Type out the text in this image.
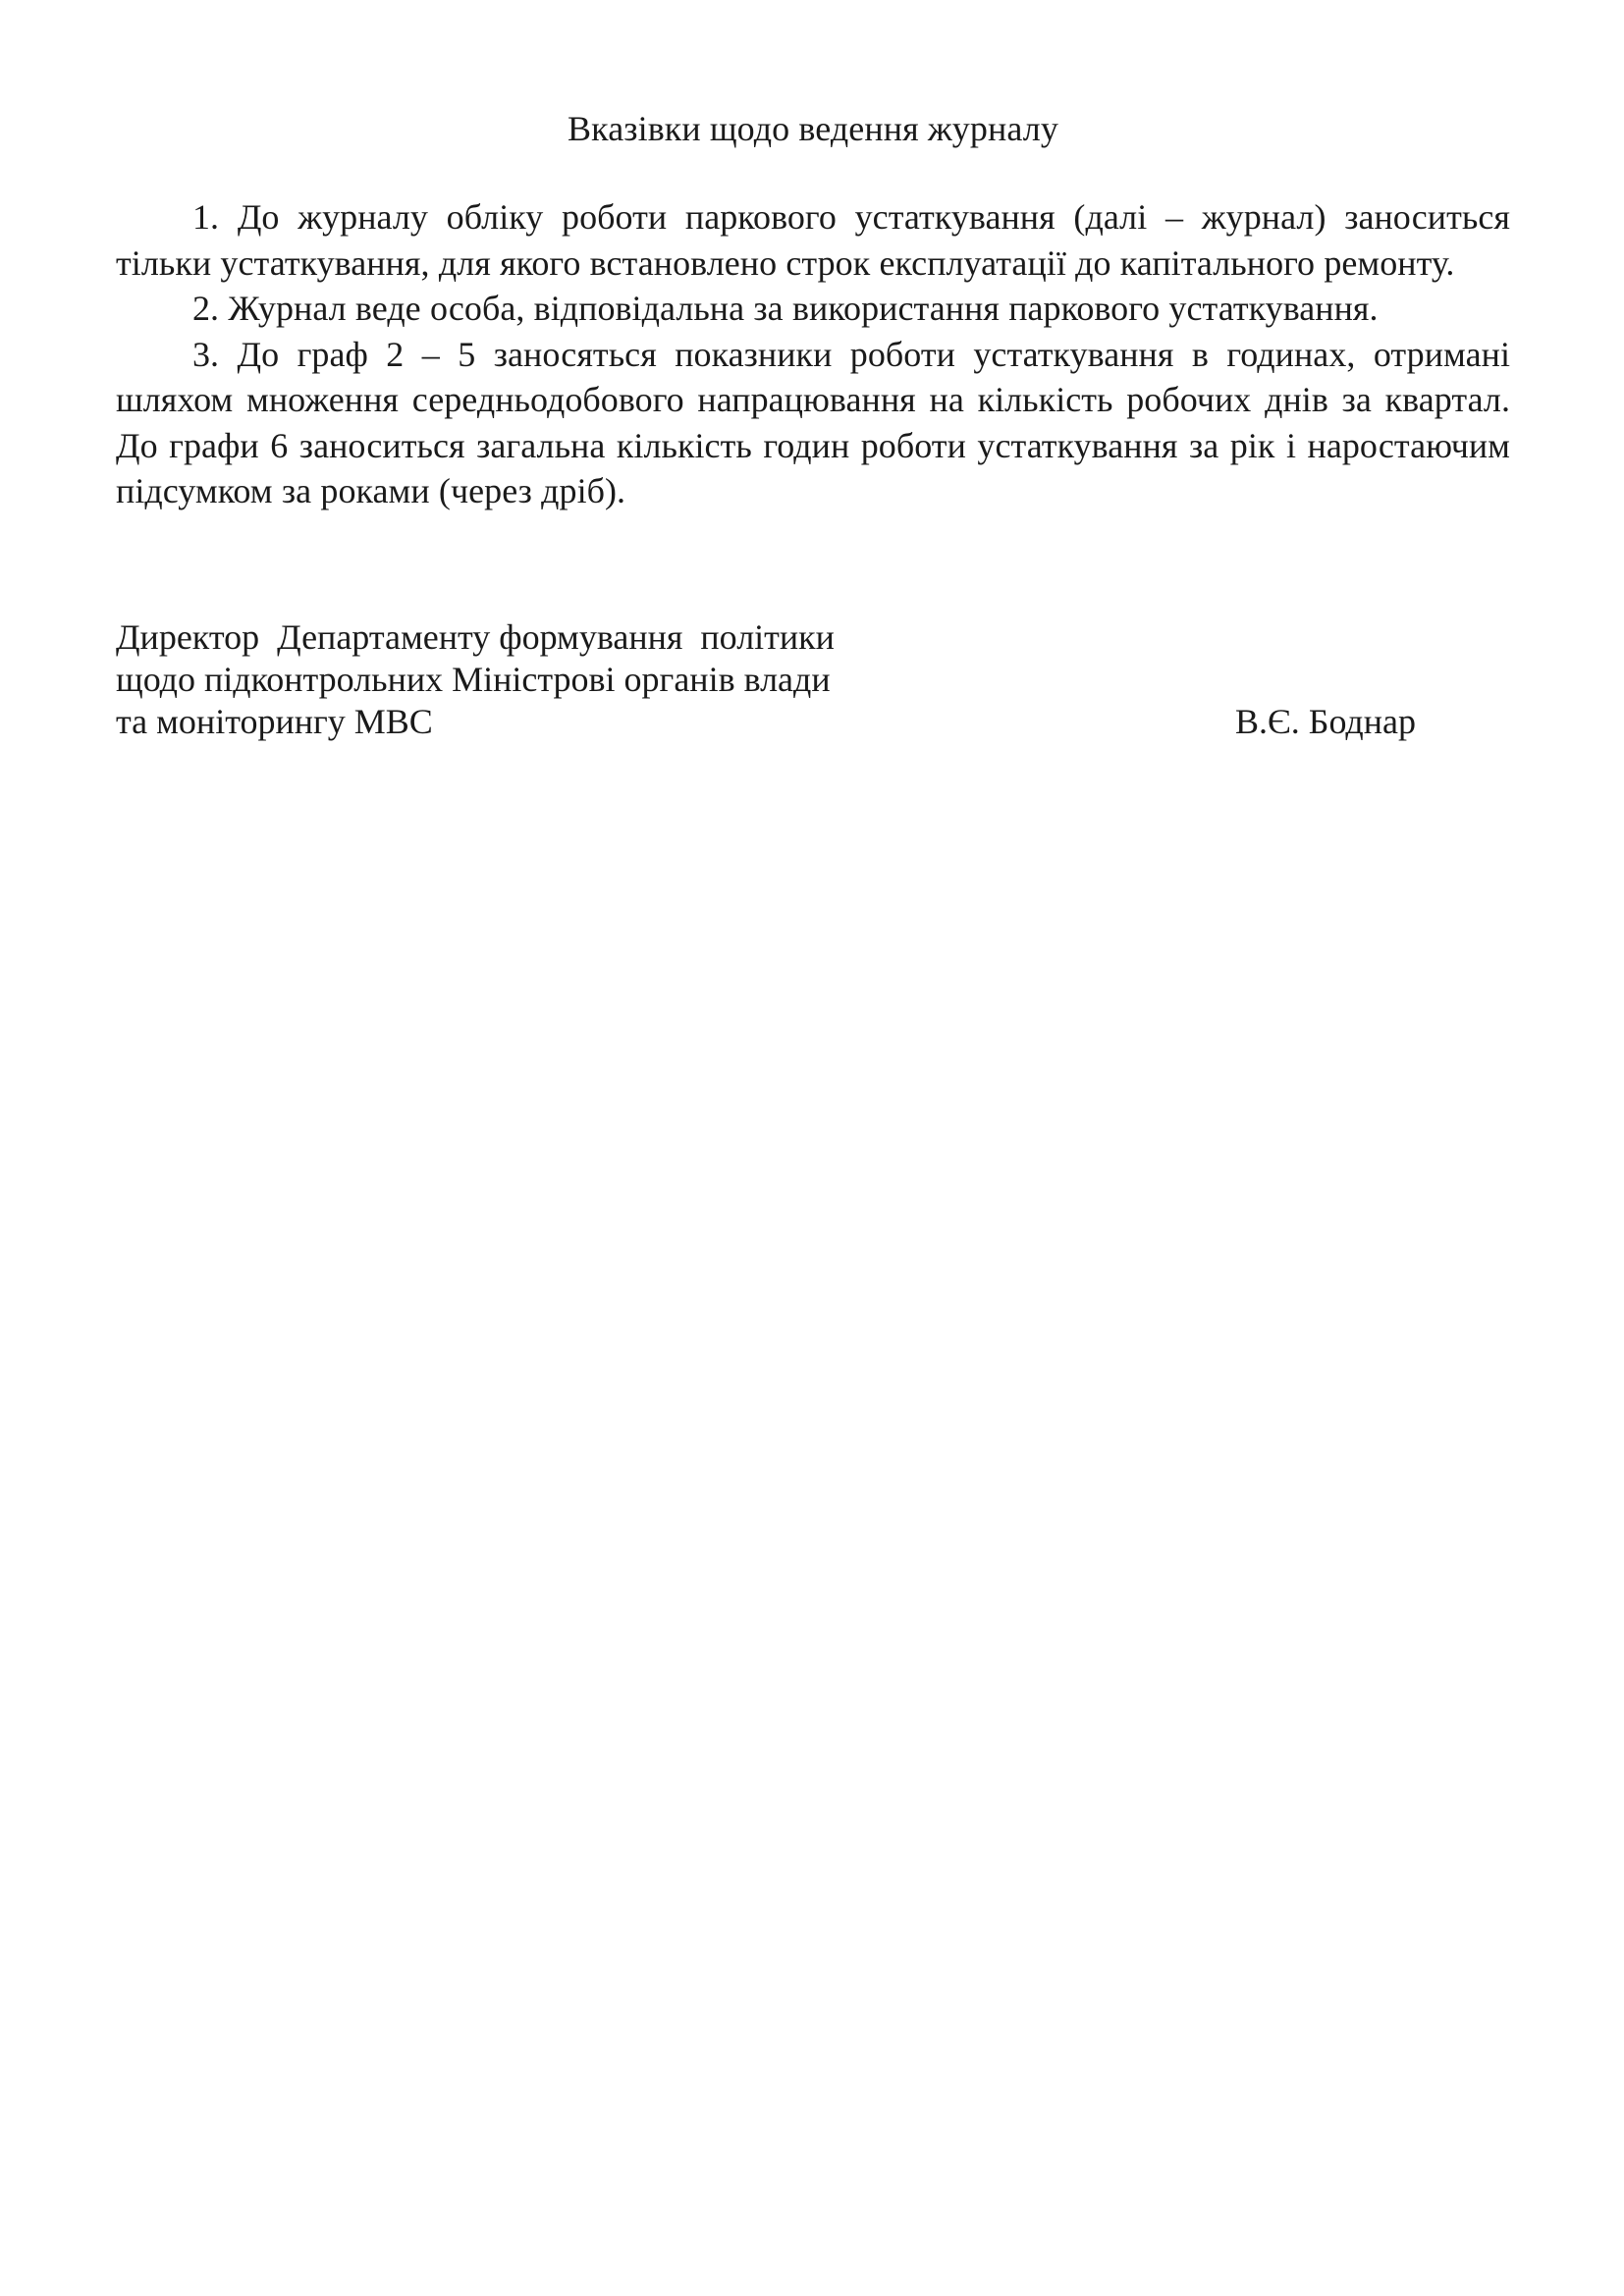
Вказівки щодо ведення журналу

1. До журналу обліку роботи паркового устаткування (далі – журнал) заноситься тільки устаткування, для якого встановлено строк експлуатації до капітального ремонту.

2. Журнал веде особа, відповідальна за використання паркового устаткування.

3. До граф 2 – 5 заносяться показники роботи устаткування в годинах, отримані шляхом множення середньодобового напрацювання на кількість робочих днів за квартал. До графи 6 заноситься загальна кількість годин роботи устаткування за рік і наростаючим підсумком за роками (через дріб).

Директор  Департаменту формування  політики
щодо підконтрольних Міністрові органів влади
та моніторингу МВС	В.Є. Боднар
